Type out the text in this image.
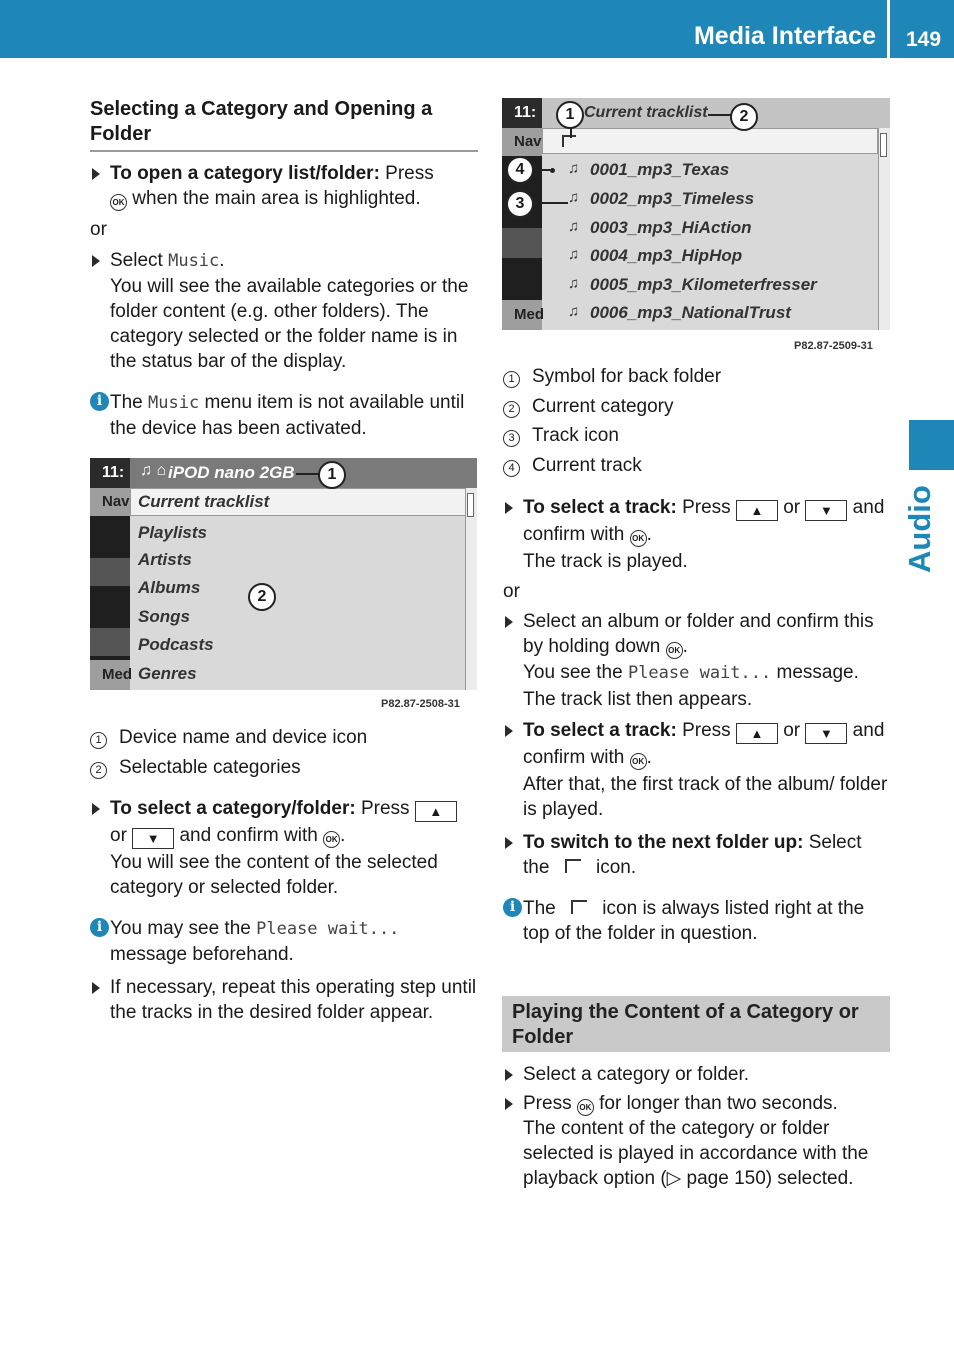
Media Interface 149
Audio

Selecting a Category and Opening a Folder

To open a category list/folder: Press
OK when the main area is highlighted.

or

Select Music.
You will see the available categories or the folder content (e.g. other folders). The category selected or the folder name is in the status bar of the display.
i The Music menu item is not available until the device has been activated.
11:
Nav
Med
♫ ⌂ iPOD nano 2GB
Current tracklist
Playlists
Artists
Albums
Songs
Podcasts
Genres
1
2
P82.87-2508-31
1 Device name and device icon
2 Selectable categories
To select a category/folder: Press ▲
or ▼ and confirm with OK .
You will see the content of the selected category or selected folder.
i You may see the Please wait...
message beforehand.
If necessary, repeat this operating step until the tracks in the desired folder appear.
11:
Nav
Med
Current tracklist
♫ 0001_mp3_Texas
♫ 0002_mp3_Timeless
♫ 0003_mp3_HiAction
♫ 0004_mp3_HipHop
♫ 0005_mp3_Kilometerfresser
♫ 0006_mp3_NationalTrust
1	2
4
3
P82.87-2509-31
1 Symbol for back folder
2 Current category
3 Track icon
4 Current track
To select a track: Press ▲ or ▼ and
confirm with OK .
The track is played.

or

Select an album or folder and confirm this by holding down OK .
You see the Please wait... message. The track list then appears.
To select a track: Press ▲ or ▼ and
confirm with OK .
After that, the first track of the album/ folder is played.
To switch to the next folder up: Select the  icon.
i The  icon is always listed right at the top of the folder in question.
Playing the Content of a Category or Folder
Select a category or folder.
Press OK for longer than two seconds.
The content of the category or folder selected is played in accordance with the playback option (▷ page 150) selected.
